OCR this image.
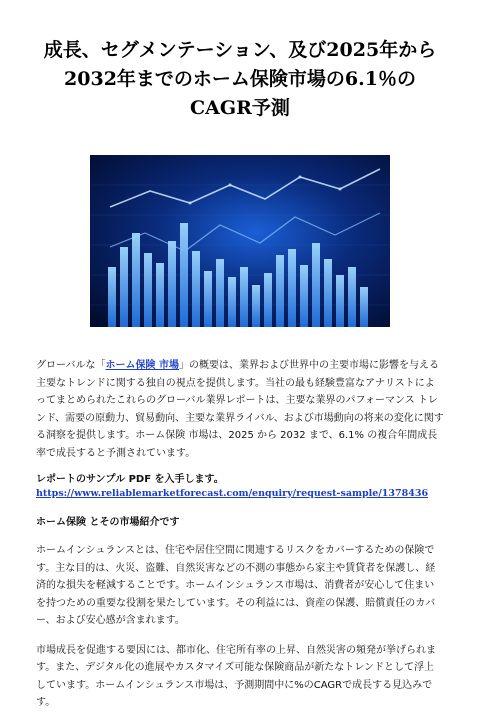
成長、セグメンテーション、及び2025年から2032年までのホーム保険市場の6.1％のCAGR予測

グローバルな「ホーム保険 市場」の概要は、業界および世界中の主要市場に影響を与える主要なトレンドに関する独自の視点を提供します。当社の最も経験豊富なアナリストによってまとめられたこれらのグローバル業界レポートは、主要な業界のパフォーマンス トレンド、需要の原動力、貿易動向、主要な業界ライバル、および市場動向の将来の変化に関する洞察を提供します。ホーム保険 市場は、2025 から 2032 まで、6.1% の複合年間成長率で成長すると予測されています。

レポートのサンプル PDF を入手します。
https://www.reliablemarketforecast.com/enquiry/request-sample/1378436
ホーム保険 とその市場紹介です

ホームインシュランスとは、住宅や居住空間に関連するリスクをカバーするための保険です。主な目的は、火災、盗難、自然災害などの不測の事態から家主や賃貸者を保護し、経済的な損失を軽減することです。ホームインシュランス市場は、消費者が安心して住まいを持つための重要な役割を果たしています。その利益には、資産の保護、賠償責任のカバー、および安心感が含まれます。

市場成長を促進する要因には、都市化、住宅所有率の上昇、自然災害の頻発が挙げられます。また、デジタル化の進展やカスタマイズ可能な保険商品が新たなトレンドとして浮上しています。ホームインシュランス市場は、予測期間中に%のCAGRで成長する見込みです。
